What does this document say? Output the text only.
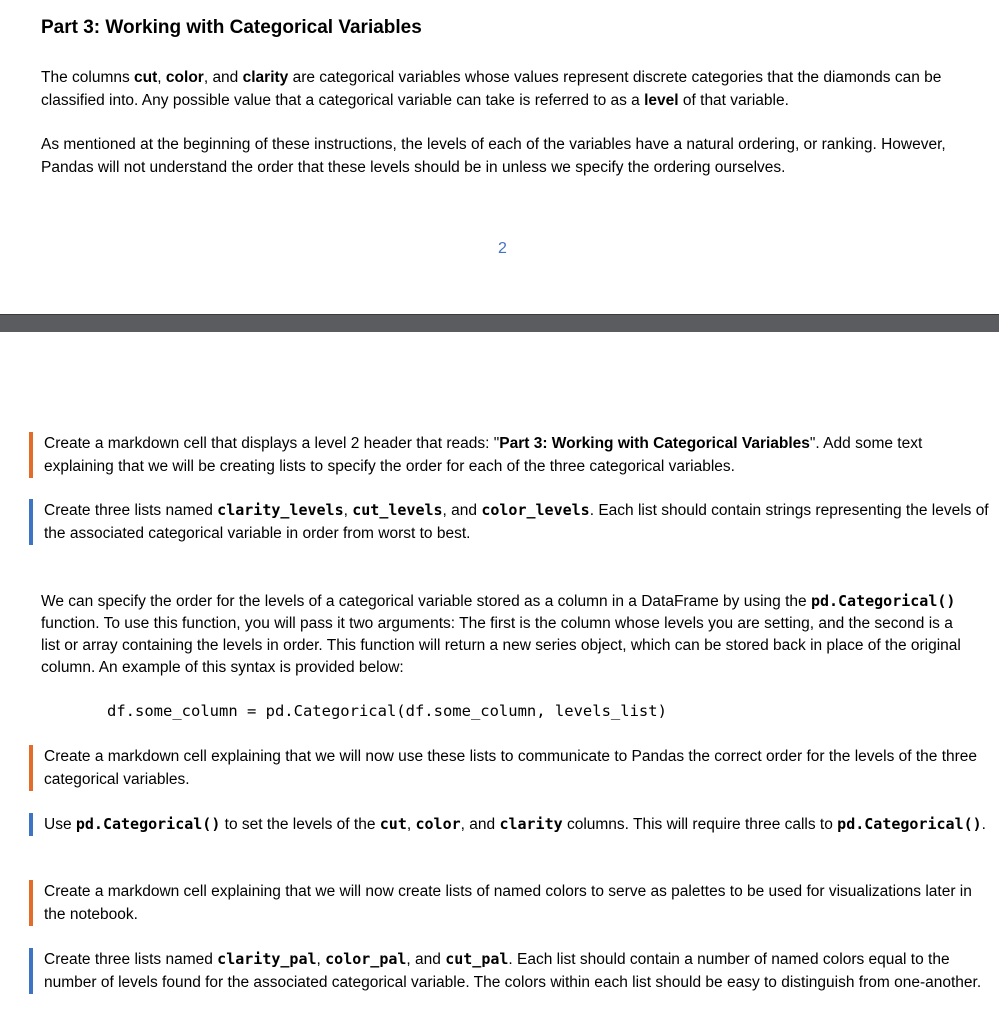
Part 3: Working with Categorical Variables

The columns cut, color, and clarity are categorical variables whose values represent discrete categories that the diamonds can be classified into. Any possible value that a categorical variable can take is referred to as a level of that variable.

As mentioned at the beginning of these instructions, the levels of each of the variables have a natural ordering, or ranking. However, Pandas will not understand the order that these levels should be in unless we specify the ordering ourselves.

2
Create a markdown cell that displays a level 2 header that reads: "Part 3: Working with Categorical Variables". Add some text explaining that we will be creating lists to specify the order for each of the three categorical variables.
Create three lists named clarity_levels, cut_levels, and color_levels. Each list should contain strings representing the levels of the associated categorical variable in order from worst to best.

We can specify the order for the levels of a categorical variable stored as a column in a DataFrame by using the pd.Categorical() function. To use this function, you will pass it two arguments: The first is the column whose levels you are setting, and the second is a list or array containing the levels in order. This function will return a new series object, which can be stored back in place of the original column. An example of this syntax is provided below:

df.some_column = pd.Categorical(df.some_column, levels_list)
Create a markdown cell explaining that we will now use these lists to communicate to Pandas the correct order for the levels of the three categorical variables.
Use pd.Categorical() to set the levels of the cut, color, and clarity columns. This will require three calls to pd.Categorical().
Create a markdown cell explaining that we will now create lists of named colors to serve as palettes to be used for visualizations later in the notebook.
Create three lists named clarity_pal, color_pal, and cut_pal. Each list should contain a number of named colors equal to the number of levels found for the associated categorical variable. The colors within each list should be easy to distinguish from one-another.
